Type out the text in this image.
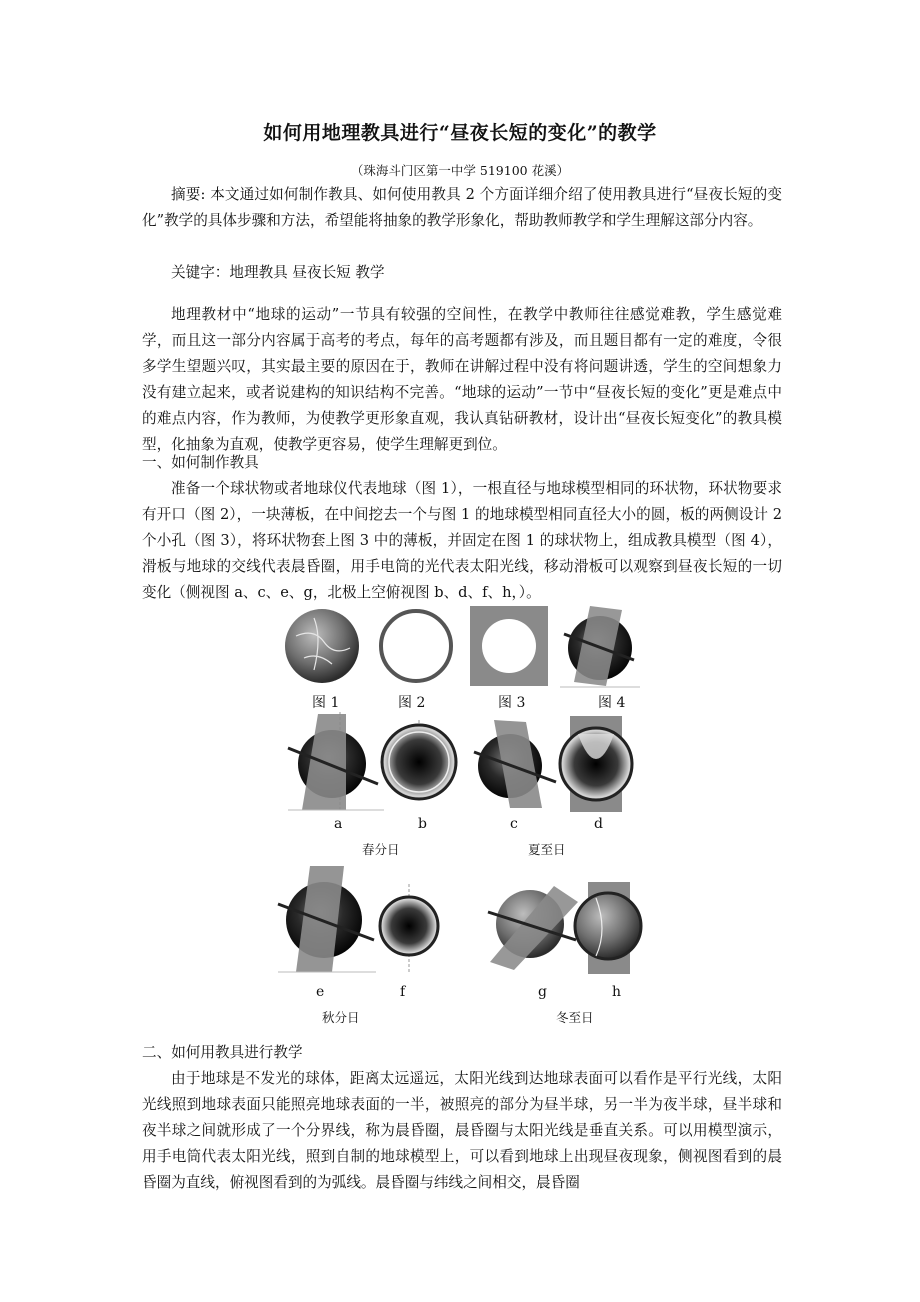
如何用地理教具进行“昼夜长短的变化”的教学
（珠海斗门区第一中学 519100 花溪）
摘要: 本文通过如何制作教具、如何使用教具 2 个方面详细介绍了使用教具进行“昼夜长短的变化”教学的具体步骤和方法，希望能将抽象的教学形象化，帮助教师教学和学生理解这部分内容。
关键字：地理教具 昼夜长短 教学
地理教材中“地球的运动”一节具有较强的空间性，在教学中教师往往感觉难教，学生感觉难学，而且这一部分内容属于高考的考点，每年的高考题都有涉及，而且题目都有一定的难度，令很多学生望题兴叹，其实最主要的原因在于，教师在讲解过程中没有将问题讲透，学生的空间想象力没有建立起来，或者说建构的知识结构不完善。“地球的运动”一节中“昼夜长短的变化”更是难点中的难点内容，作为教师，为使教学更形象直观，我认真钻研教材，设计出“昼夜长短变化”的教具模型，化抽象为直观，使教学更容易，使学生理解更到位。
一、如何制作教具
准备一个球状物或者地球仪代表地球（图 1），一根直径与地球模型相同的环状物，环状物要求有开口（图 2），一块薄板，在中间挖去一个与图 1 的地球模型相同直径大小的圆，板的两侧设计 2 个小孔（图 3），将环状物套上图 3 中的薄板，并固定在图 1 的球状物上，组成教具模型（图 4），滑板与地球的交线代表晨昏圈，用手电筒的光代表太阳光线，移动滑板可以观察到昼夜长短的一切变化（侧视图 a、c、e、g，北极上空俯视图 b、d、f、h，）。
图 1	图 2	图 3	图 4
a	b	c	d
春分日	夏至日
e	f	g	h
秋分日	冬至日
二、如何用教具进行教学
由于地球是不发光的球体，距离太远遥远，太阳光线到达地球表面可以看作是平行光线，太阳光线照到地球表面只能照亮地球表面的一半，被照亮的部分为昼半球，另一半为夜半球，昼半球和夜半球之间就形成了一个分界线，称为晨昏圈，晨昏圈与太阳光线是垂直关系。可以用模型演示，用手电筒代表太阳光线，照到自制的地球模型上，可以看到地球上出现昼夜现象，侧视图看到的晨昏圈为直线，俯视图看到的为弧线。晨昏圈与纬线之间相交，晨昏圈
